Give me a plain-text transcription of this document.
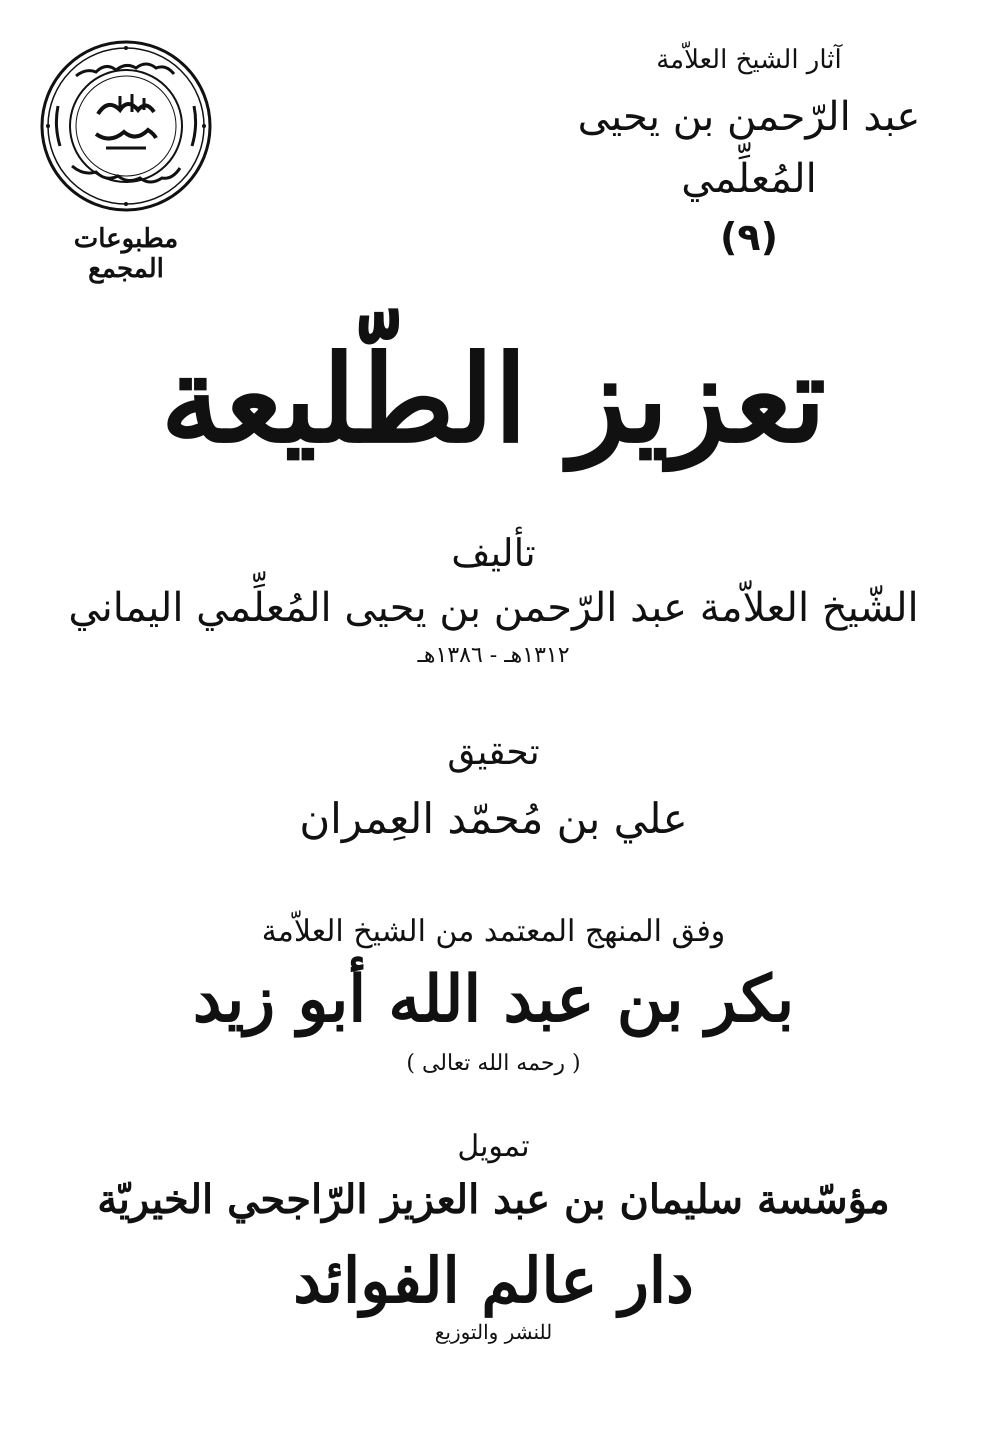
مطبوعات المجمع
آثار الشيخ العلاّمة
عبد الرّحمن بن يحيى المُعلِّمي
(٩)
تعزيز الطّليعة
تأليف
الشّيخ العلاّمة عبد الرّحمن بن يحيى المُعلِّمي اليماني
١٣١٢هـ - ١٣٨٦هـ
تحقيق
علي بن مُحمّد العِمران
وفق المنهج المعتمد من الشيخ العلاّمة
بكر بن عبد الله أبو زيد
( رحمه الله تعالى )
تمويل
مؤسّسة سليمان بن عبد العزيز الرّاجحي الخيريّة
دار عالم الفوائد
للنشر والتوزيع
